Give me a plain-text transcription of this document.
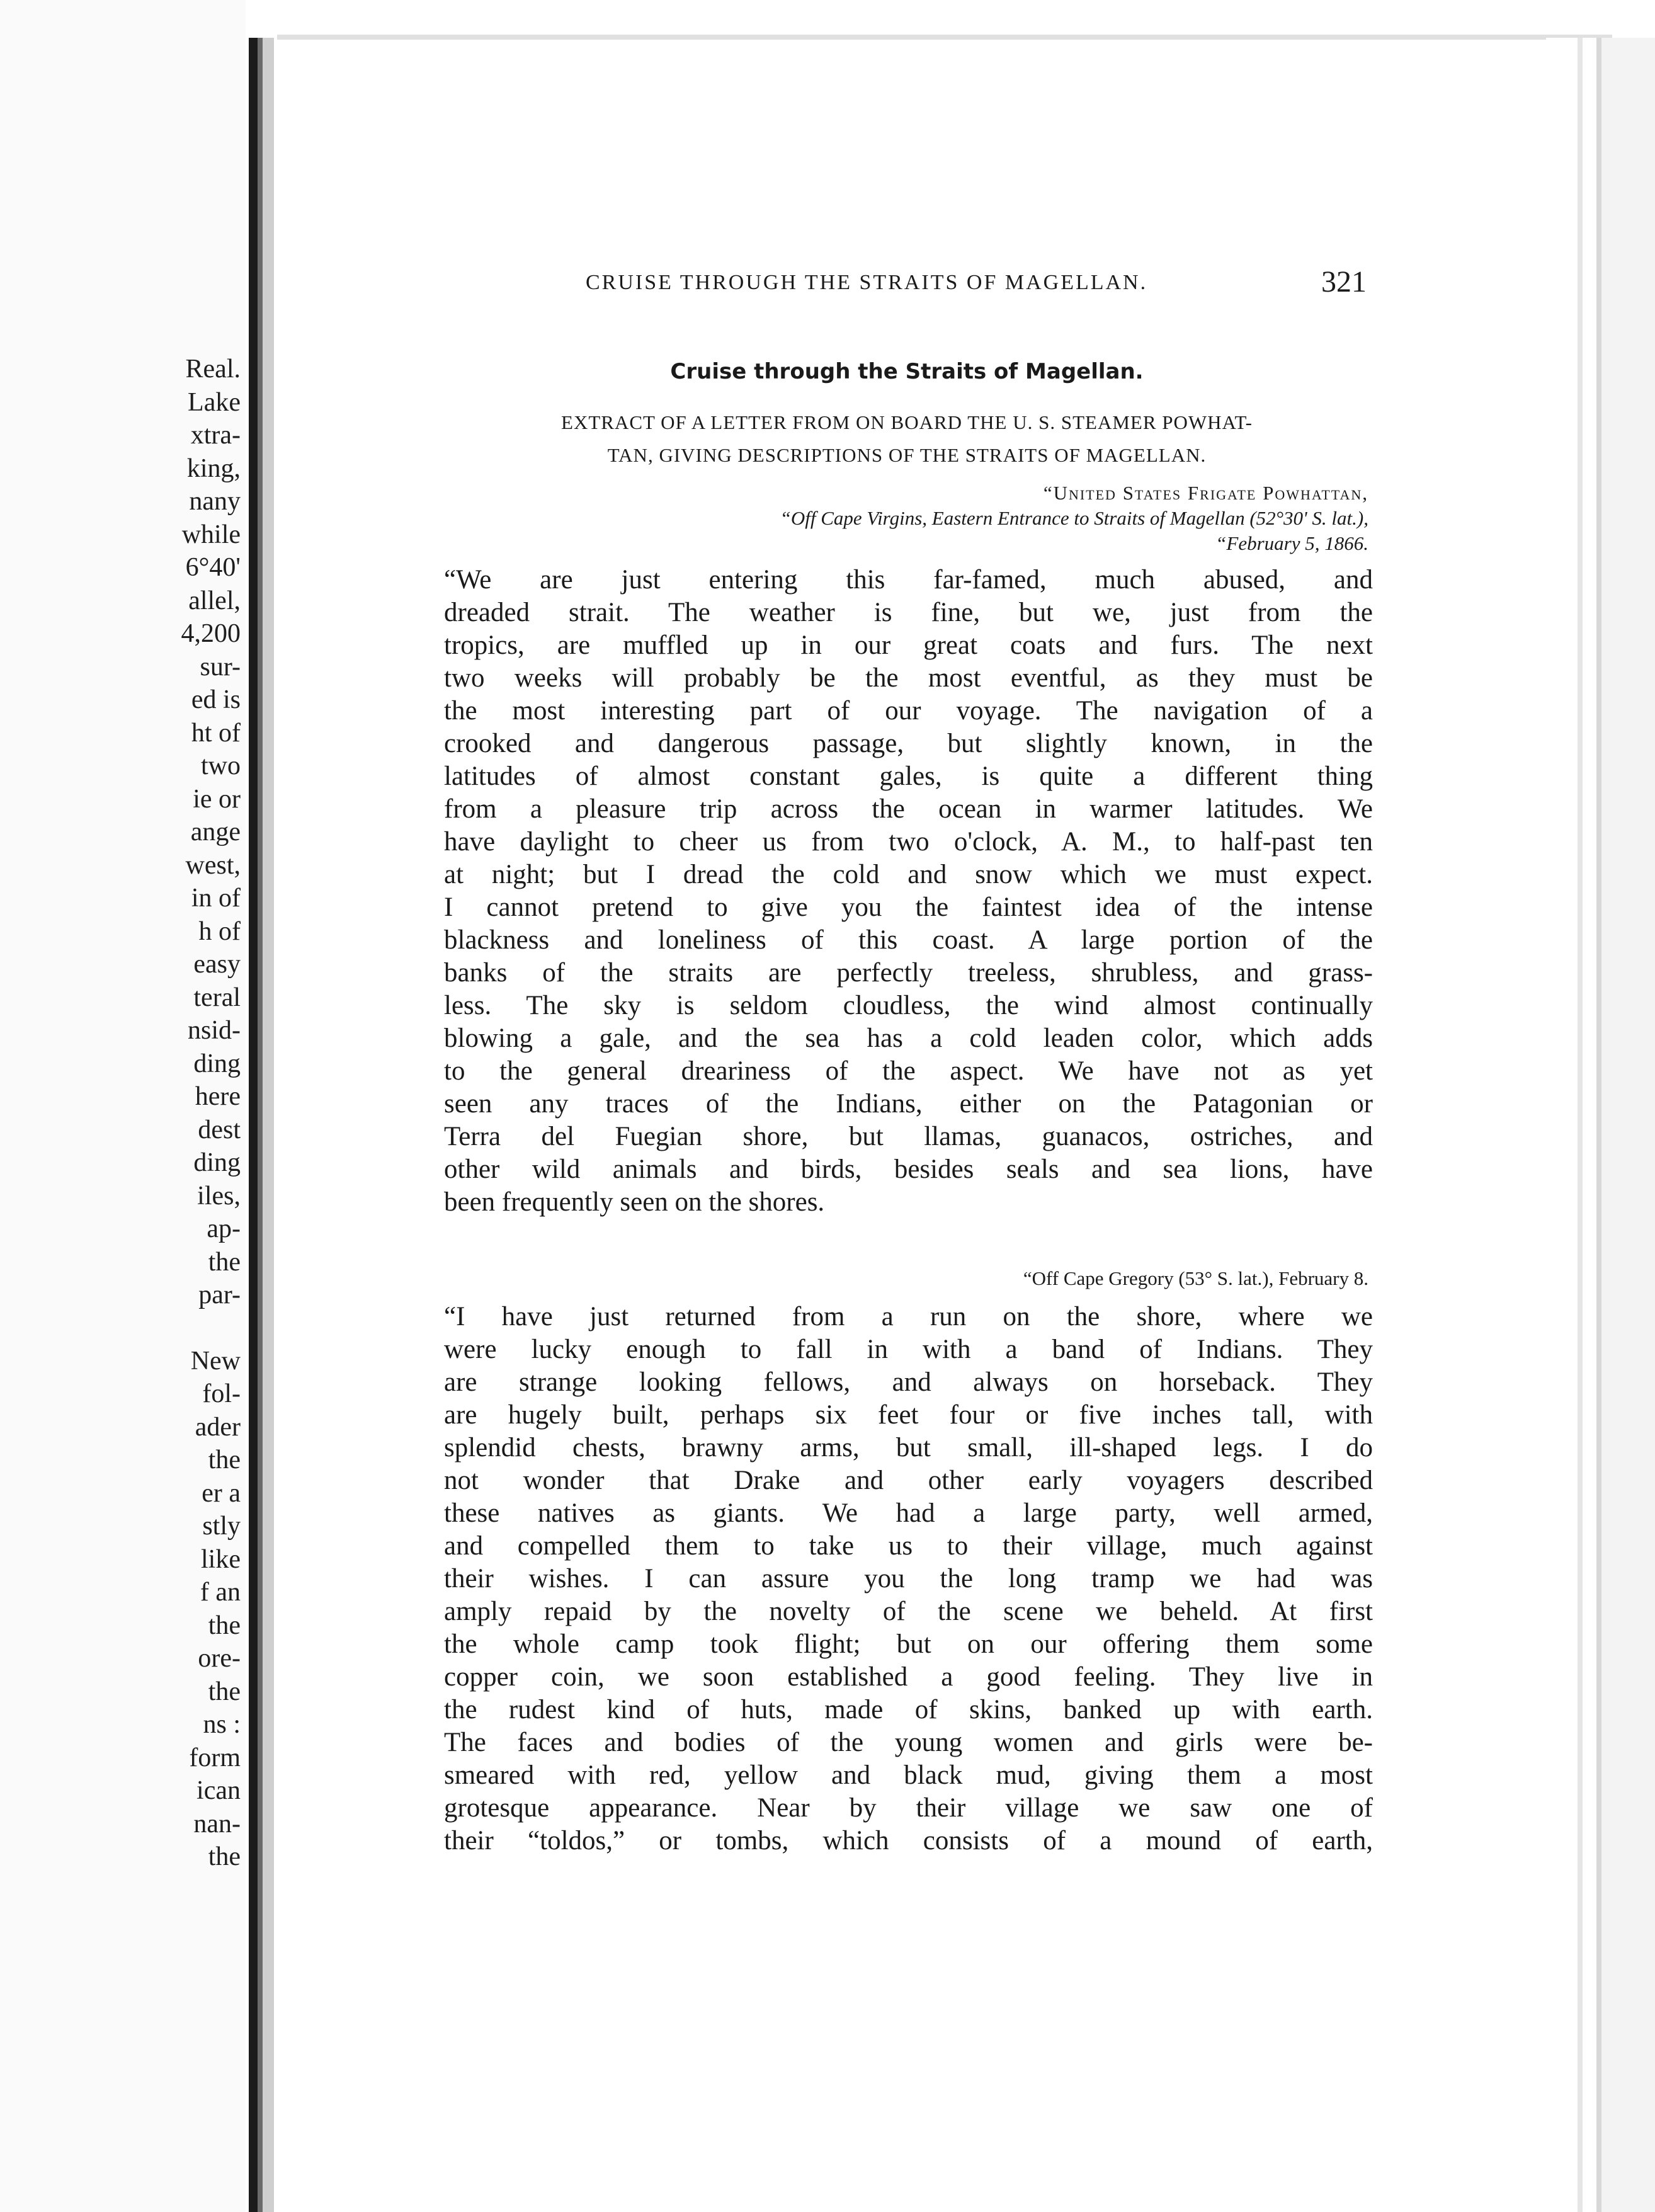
Real.
Lake
xtra-
king,
nany
while
6°40'
allel,
4,200
sur-
ed is
ht of
two
ie or
ange
west,
in of
h of
easy
teral
nsid-
ding
here
dest
ding
iles,
ap-
the
par-
New
fol-
ader
the
er a
stly
like
f an
the
ore-
the
ns :
form
ican
nan-
the
CRUISE THROUGH THE STRAITS OF MAGELLAN.	321
Cruise through the Straits of Magellan.
EXTRACT OF A LETTER FROM ON BOARD THE U. S. STEAMER POWHAT-
TAN, GIVING DESCRIPTIONS OF THE STRAITS OF MAGELLAN.
“United States Frigate Powhattan,
“Off Cape Virgins, Eastern Entrance to Straits of Magellan (52°30' S. lat.),
“February 5, 1866.
“We are just entering this far-famed, much abused, and
dreaded strait. The weather is fine, but we, just from the
tropics, are muffled up in our great coats and furs. The next
two weeks will probably be the most eventful, as they must be
the most interesting part of our voyage. The navigation of a
crooked and dangerous passage, but slightly known, in the
latitudes of almost constant gales, is quite a different thing
from a pleasure trip across the ocean in warmer latitudes. We
have daylight to cheer us from two o'clock, A. M., to half-past ten
at night; but I dread the cold and snow which we must expect.
I cannot pretend to give you the faintest idea of the intense
blackness and loneliness of this coast. A large portion of the
banks of the straits are perfectly treeless, shrubless, and grass-
less. The sky is seldom cloudless, the wind almost continually
blowing a gale, and the sea has a cold leaden color, which adds
to the general dreariness of the aspect. We have not as yet
seen any traces of the Indians, either on the Patagonian or
Terra del Fuegian shore, but llamas, guanacos, ostriches, and
other wild animals and birds, besides seals and sea lions, have
been frequently seen on the shores.
“Off Cape Gregory (53° S. lat.), February 8.
“I have just returned from a run on the shore, where we
were lucky enough to fall in with a band of Indians. They
are strange looking fellows, and always on horseback. They
are hugely built, perhaps six feet four or five inches tall, with
splendid chests, brawny arms, but small, ill-shaped legs. I do
not wonder that Drake and other early voyagers described
these natives as giants. We had a large party, well armed,
and compelled them to take us to their village, much against
their wishes. I can assure you the long tramp we had was
amply repaid by the novelty of the scene we beheld. At first
the whole camp took flight; but on our offering them some
copper coin, we soon established a good feeling. They live in
the rudest kind of huts, made of skins, banked up with earth.
The faces and bodies of the young women and girls were be-
smeared with red, yellow and black mud, giving them a most
grotesque appearance. Near by their village we saw one of
their “toldos,” or tombs, which consists of a mound of earth,
